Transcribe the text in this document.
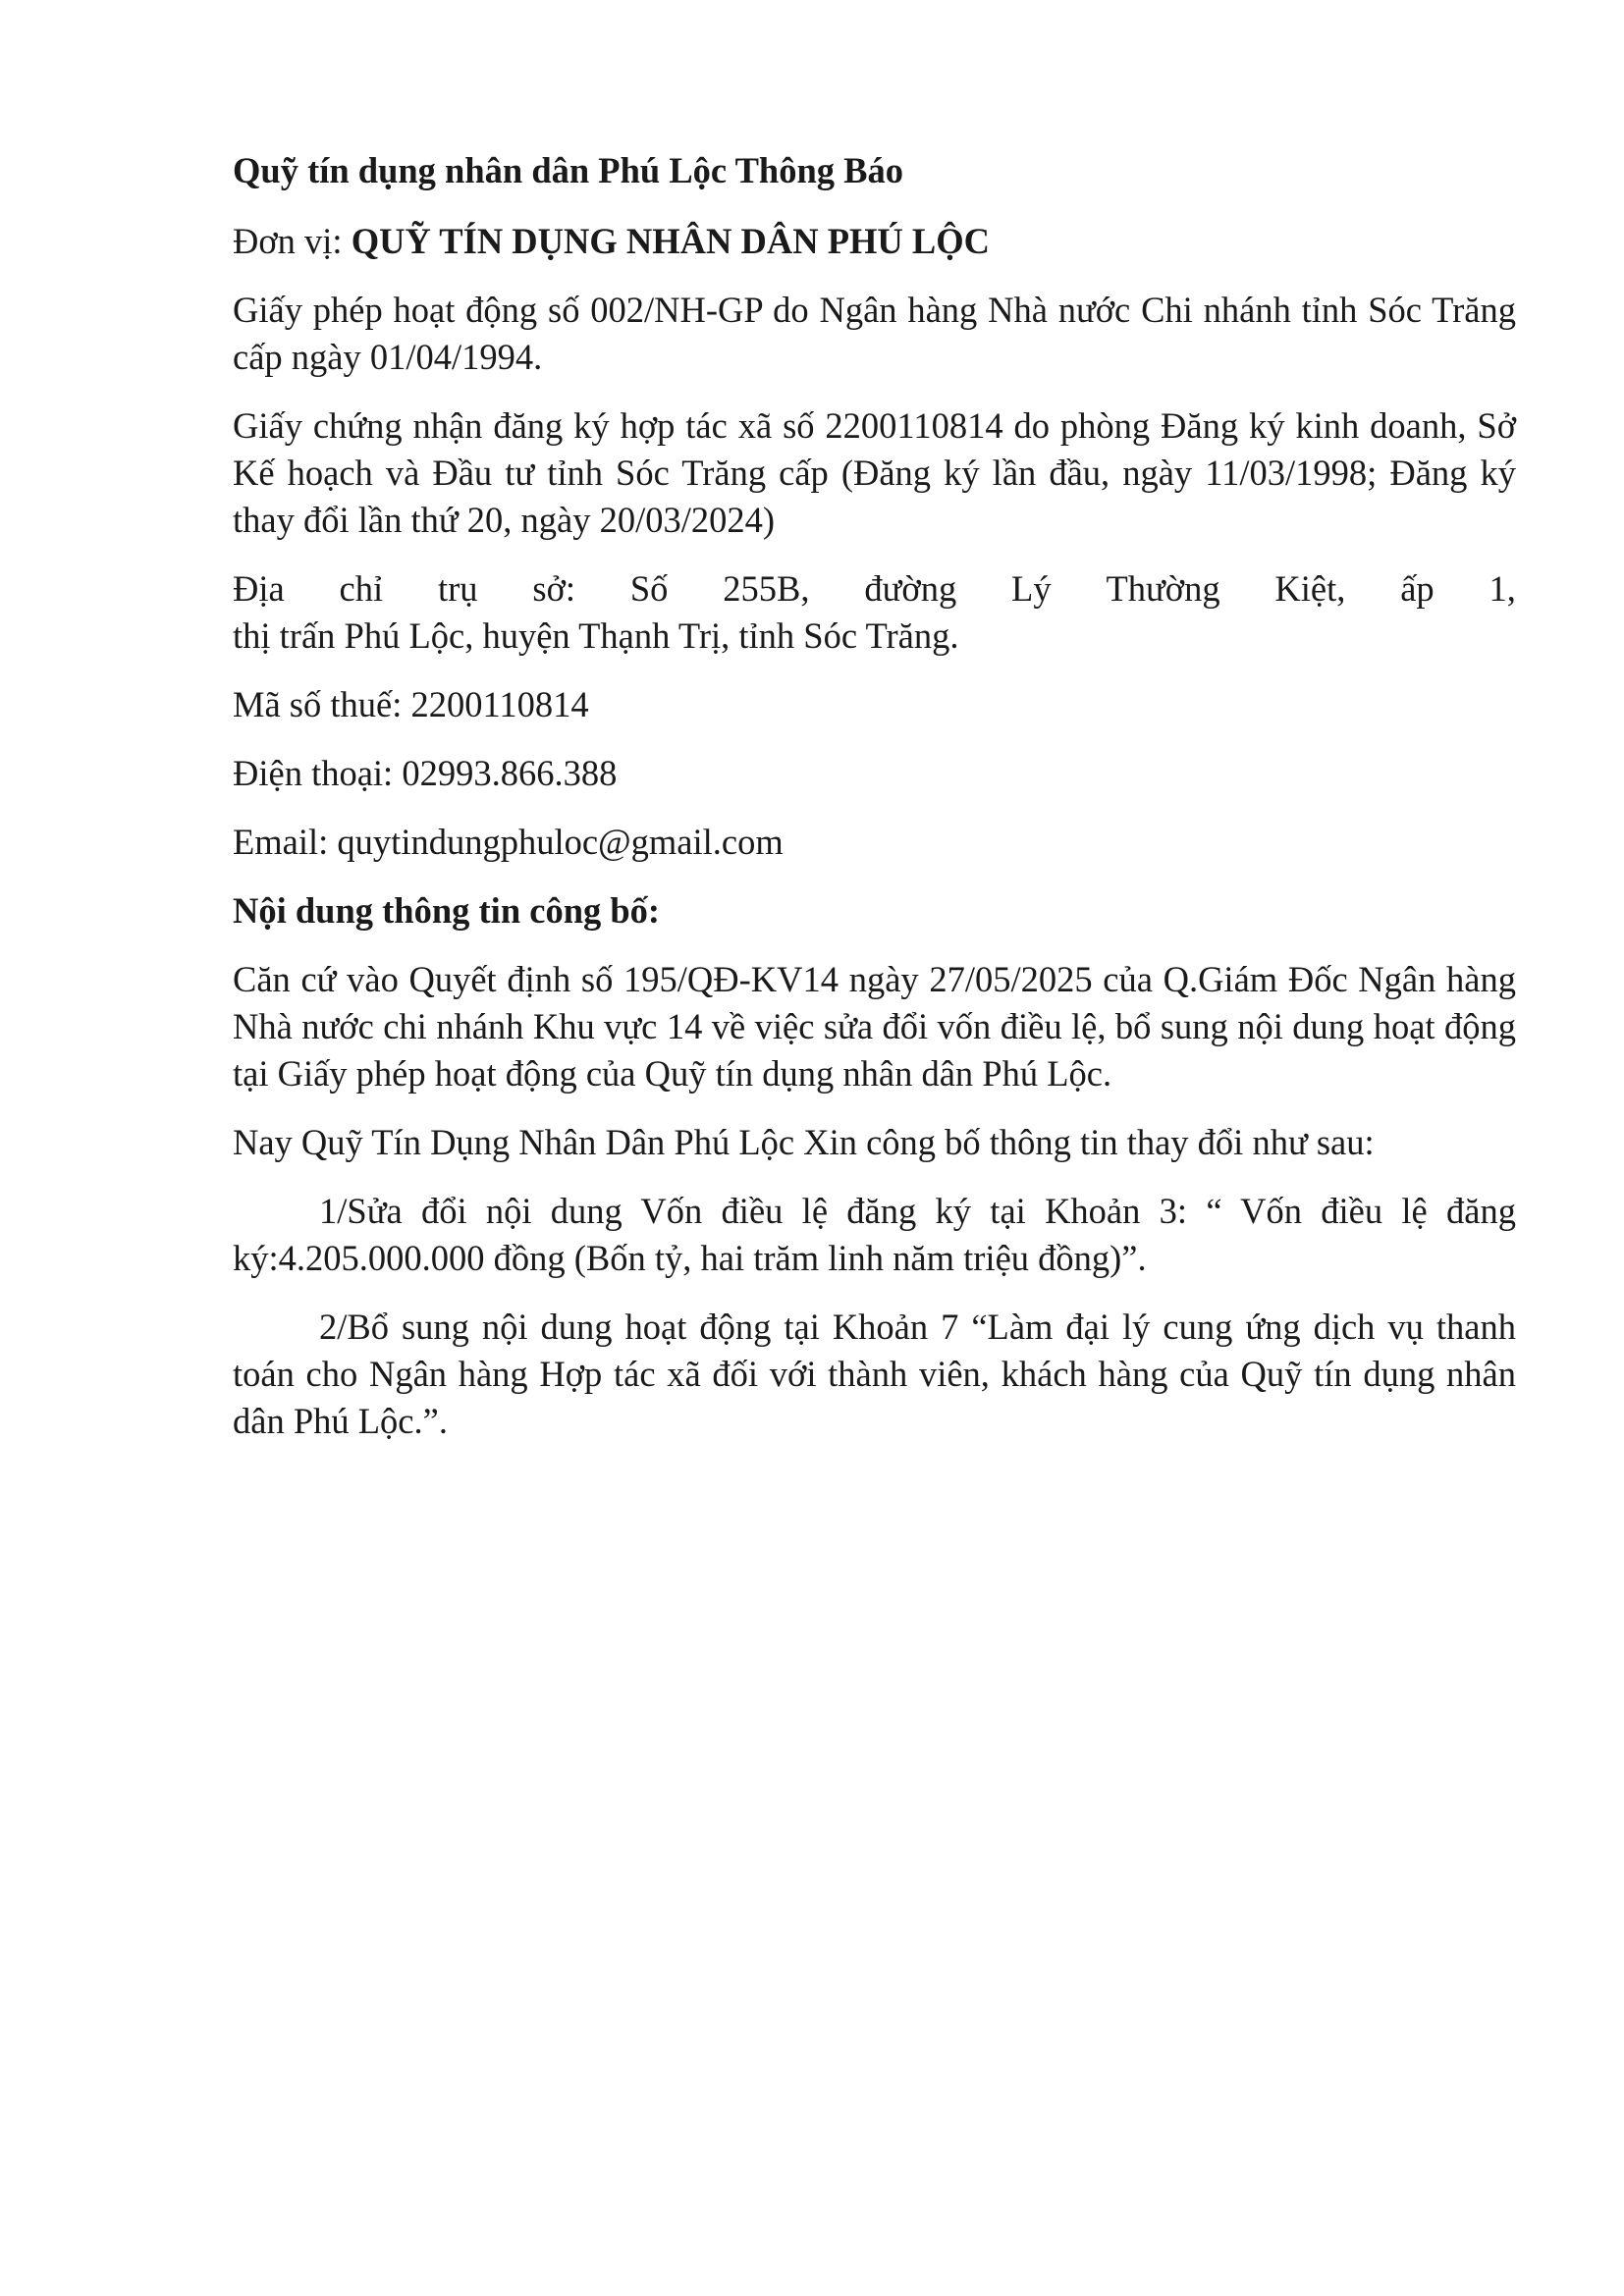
Quỹ tín dụng nhân dân Phú Lộc Thông Báo

Đơn vị: QUỸ TÍN DỤNG NHÂN DÂN PHÚ LỘC

Giấy phép hoạt động số 002/NH-GP do Ngân hàng Nhà nước Chi nhánh tỉnh Sóc Trăng cấp ngày 01/04/1994.

Giấy chứng nhận đăng ký hợp tác xã số 2200110814 do phòng Đăng ký kinh doanh, Sở Kế hoạch và Đầu tư tỉnh Sóc Trăng cấp (Đăng ký lần đầu, ngày 11/03/1998; Đăng ký thay đổi lần thứ 20, ngày 20/03/2024)

Địa chỉ trụ sở: Số 255B, đường Lý Thường Kiệt, ấp 1,

thị trấn Phú Lộc, huyện Thạnh Trị, tỉnh Sóc Trăng.

Mã số thuế: 2200110814

Điện thoại: 02993.866.388

Email: quytindungphuloc@gmail.com

Nội dung thông tin công bố:

Căn cứ vào Quyết định số 195/QĐ-KV14 ngày 27/05/2025 của Q.Giám Đốc Ngân hàng Nhà nước chi nhánh Khu vực 14 về việc sửa đổi vốn điều lệ, bổ sung nội dung hoạt động tại Giấy phép hoạt động của Quỹ tín dụng nhân dân Phú Lộc.

Nay Quỹ Tín Dụng Nhân Dân Phú Lộc Xin công bố thông tin thay đổi như sau:

1/Sửa đổi nội dung Vốn điều lệ đăng ký tại Khoản 3: “ Vốn điều lệ đăng ký:4.205.000.000 đồng (Bốn tỷ, hai trăm linh năm triệu đồng)”.

2/Bổ sung nội dung hoạt động tại Khoản 7 “Làm đại lý cung ứng dịch vụ thanh toán cho Ngân hàng Hợp tác xã đối với thành viên, khách hàng của Quỹ tín dụng nhân dân Phú Lộc.”.
